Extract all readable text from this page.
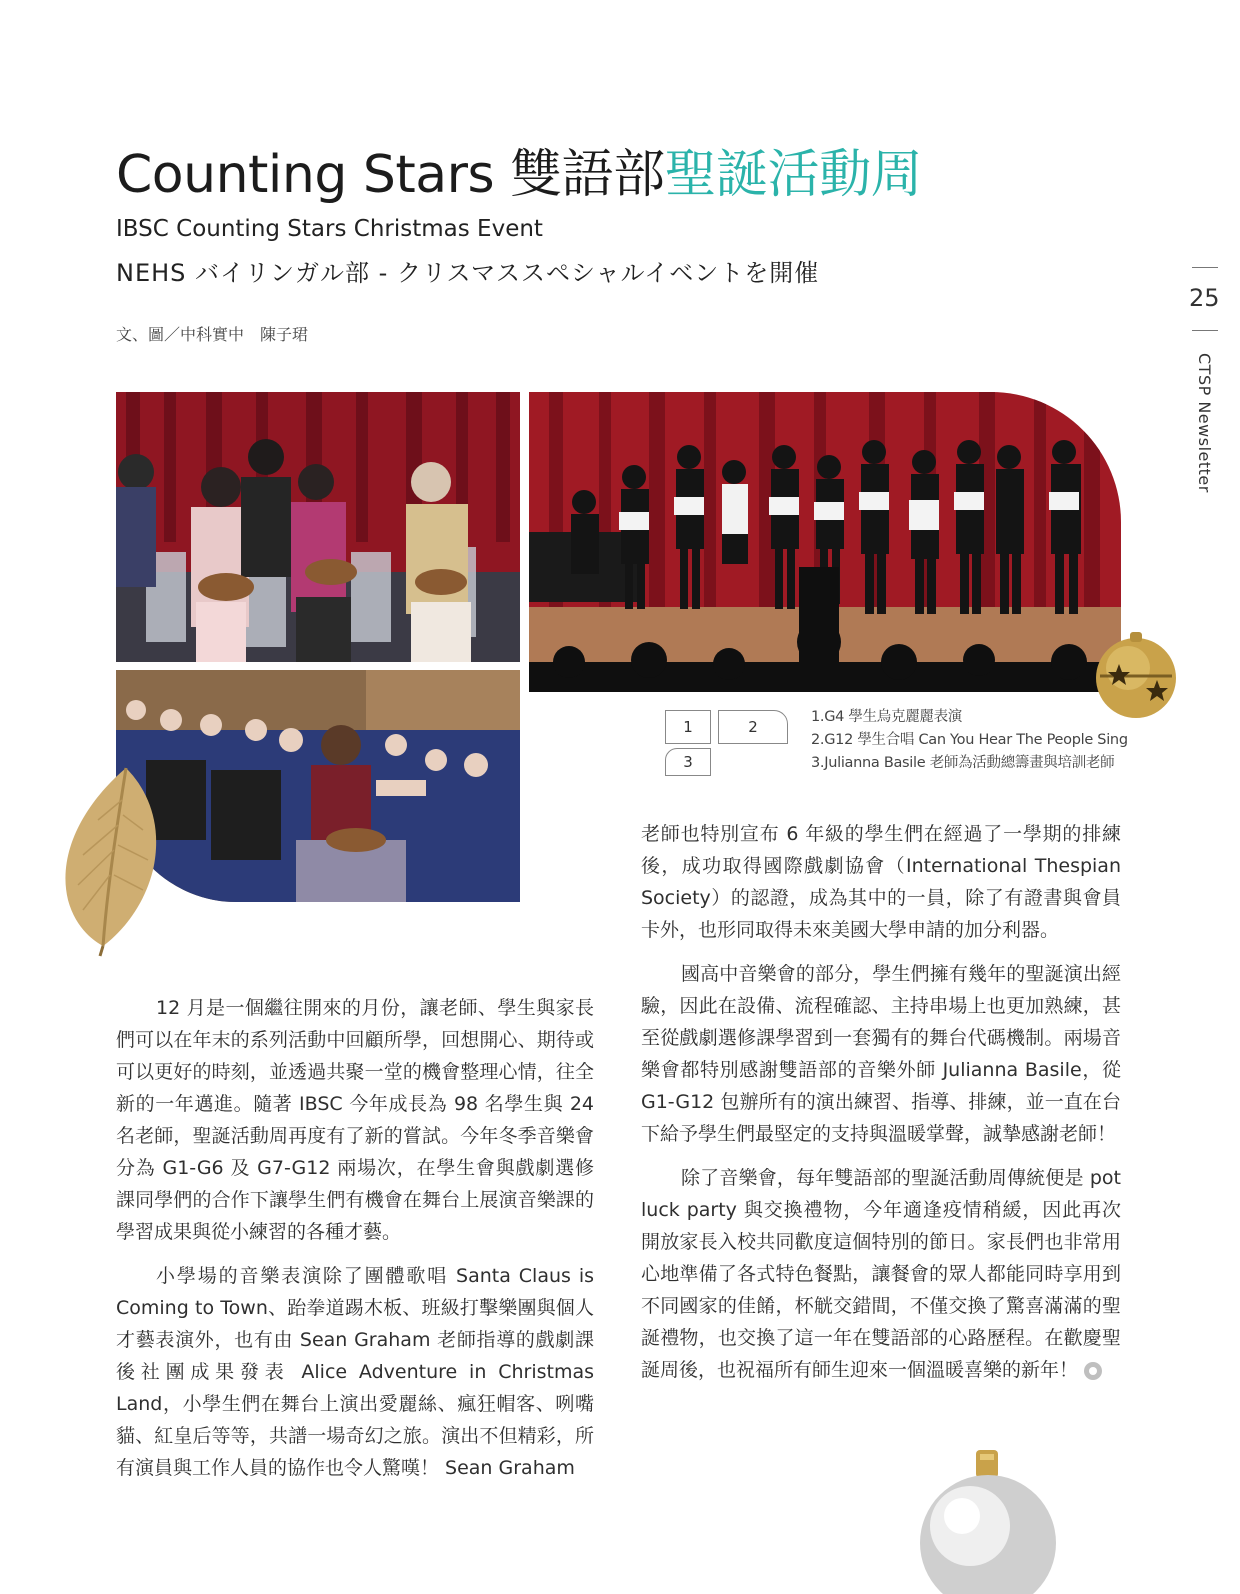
Counting Stars 雙語部聖誕活動周
IBSC Counting Stars Christmas Event
NEHS バイリンガル部 - クリスマススペシャルイベントを開催
文、圖／中科實中　陳子珺
25
CTSP Newsletter
1	2
3
1.G4 學生烏克麗麗表演
2.G12 學生合唱 Can You Hear The People Sing
3.Julianna Basile 老師為活動總籌畫與培訓老師

12 月是一個繼往開來的月份，讓老師、學生與家長們可以在年末的系列活動中回顧所學，回想開心、期待或可以更好的時刻，並透過共聚一堂的機會整理心情，往全新的一年邁進。隨著 IBSC 今年成長為 98 名學生與 24 名老師，聖誕活動周再度有了新的嘗試。今年冬季音樂會分為 G1-G6 及 G7-G12 兩場次，在學生會與戲劇選修課同學們的合作下讓學生們有機會在舞台上展演音樂課的學習成果與從小練習的各種才藝。

小學場的音樂表演除了團體歌唱 Santa Claus is Coming to Town、跆拳道踢木板、班級打擊樂團與個人才藝表演外，也有由 Sean Graham 老師指導的戲劇課後社團成果發表 Alice Adventure in Christmas Land，小學生們在舞台上演出愛麗絲、瘋狂帽客、咧嘴貓、紅皇后等等，共譜一場奇幻之旅。演出不但精彩，所有演員與工作人員的協作也令人驚嘆！ Sean Graham

老師也特別宣布 6 年級的學生們在經過了一學期的排練後，成功取得國際戲劇協會（International Thespian Society）的認證，成為其中的一員，除了有證書與會員卡外，也形同取得未來美國大學申請的加分利器。

國高中音樂會的部分，學生們擁有幾年的聖誕演出經驗，因此在設備、流程確認、主持串場上也更加熟練，甚至從戲劇選修課學習到一套獨有的舞台代碼機制。兩場音樂會都特別感謝雙語部的音樂外師 Julianna Basile，從 G1-G12 包辦所有的演出練習、指導、排練，並一直在台下給予學生們最堅定的支持與溫暖掌聲，誠摯感謝老師！

除了音樂會，每年雙語部的聖誕活動周傳統便是 pot luck party 與交換禮物，今年適逢疫情稍緩，因此再次開放家長入校共同歡度這個特別的節日。家長們也非常用心地準備了各式特色餐點，讓餐會的眾人都能同時享用到不同國家的佳餚，杯觥交錯間，不僅交換了驚喜滿滿的聖誕禮物，也交換了這一年在雙語部的心路歷程。在歡慶聖誕周後，也祝福所有師生迎來一個溫暖喜樂的新年！
